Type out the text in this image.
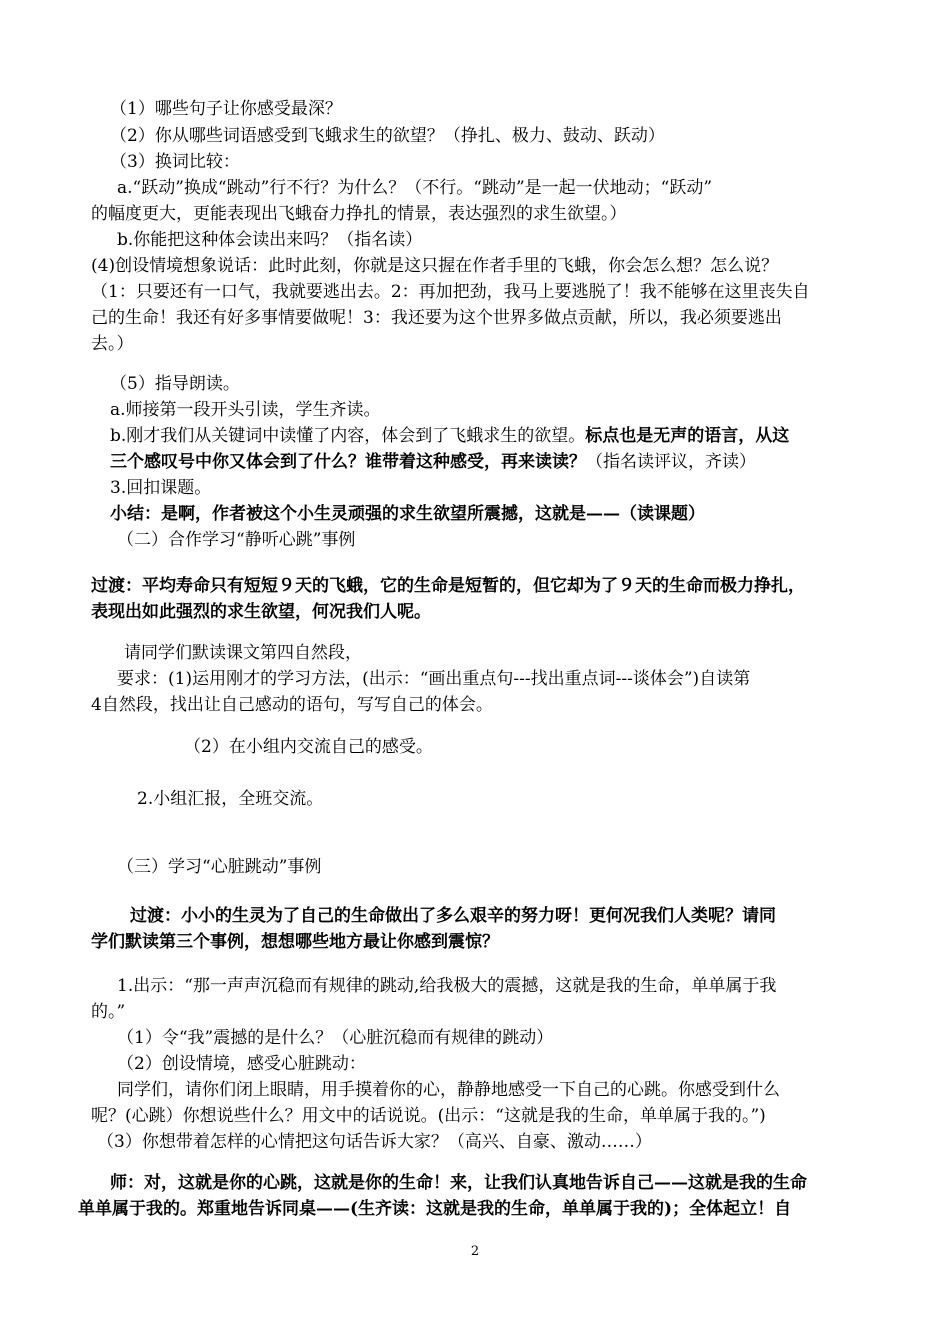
（1）哪些句子让你感受最深？
（2）你从哪些词语感受到飞蛾求生的欲望？（挣扎、极力、鼓动、跃动）
（3）换词比较：
a.“跃动”换成“跳动”行不行？为什么？（不行。“跳动”是一起一伏地动；“跃动”
的幅度更大，更能表现出飞蛾奋力挣扎的情景，表达强烈的求生欲望。）
b.你能把这种体会读出来吗？（指名读）
(4)创设情境想象说话：此时此刻，你就是这只握在作者手里的飞蛾，你会怎么想？怎么说？
（1：只要还有一口气，我就要逃出去。2：再加把劲，我马上要逃脱了！我不能够在这里丧失自
己的生命！我还有好多事情要做呢！3：我还要为这个世界多做点贡献，所以，我必须要逃出
去。）
（5）指导朗读。
a.师接第一段开头引读，学生齐读。
b.刚才我们从关键词中读懂了内容，体会到了飞蛾求生的欲望。标点也是无声的语言，从这
三个感叹号中你又体会到了什么？谁带着这种感受，再来读读？（指名读评议，齐读）
3.回扣课题。
小结：是啊，作者被这个小生灵顽强的求生欲望所震撼，这就是——（读课题）
（二）合作学习“静听心跳”事例
过渡：平均寿命只有短短９天的飞蛾，它的生命是短暂的，但它却为了９天的生命而极力挣扎，
表现出如此强烈的求生欲望，何况我们人呢。
请同学们默读课文第四自然段，
要求：(1)运用刚才的学习方法，(出示：“画出重点句---找出重点词---谈体会”)自读第
4自然段，找出让自己感动的语句，写写自己的体会。
（2）在小组内交流自己的感受。
2.小组汇报，全班交流。
（三）学习“心脏跳动”事例
过渡：小小的生灵为了自己的生命做出了多么艰辛的努力呀！更何况我们人类呢？请同
学们默读第三个事例，想想哪些地方最让你感到震惊？
1.出示：“那一声声沉稳而有规律的跳动,给我极大的震撼，这就是我的生命，单单属于我
的。”
（1）令“我”震撼的是什么？（心脏沉稳而有规律的跳动）
（2）创设情境，感受心脏跳动：
同学们，请你们闭上眼睛，用手摸着你的心，静静地感受一下自己的心跳。你感受到什么
呢？(心跳）你想说些什么？用文中的话说说。(出示：“这就是我的生命，单单属于我的。”)
（3）你想带着怎样的心情把这句话告诉大家？（高兴、自豪、激动……）
师：对，这就是你的心跳，这就是你的生命！来，让我们认真地告诉自己——这就是我的生命
单单属于我的。郑重地告诉同桌——(生齐读：这就是我的生命，单单属于我的)；全体起立！自
2
